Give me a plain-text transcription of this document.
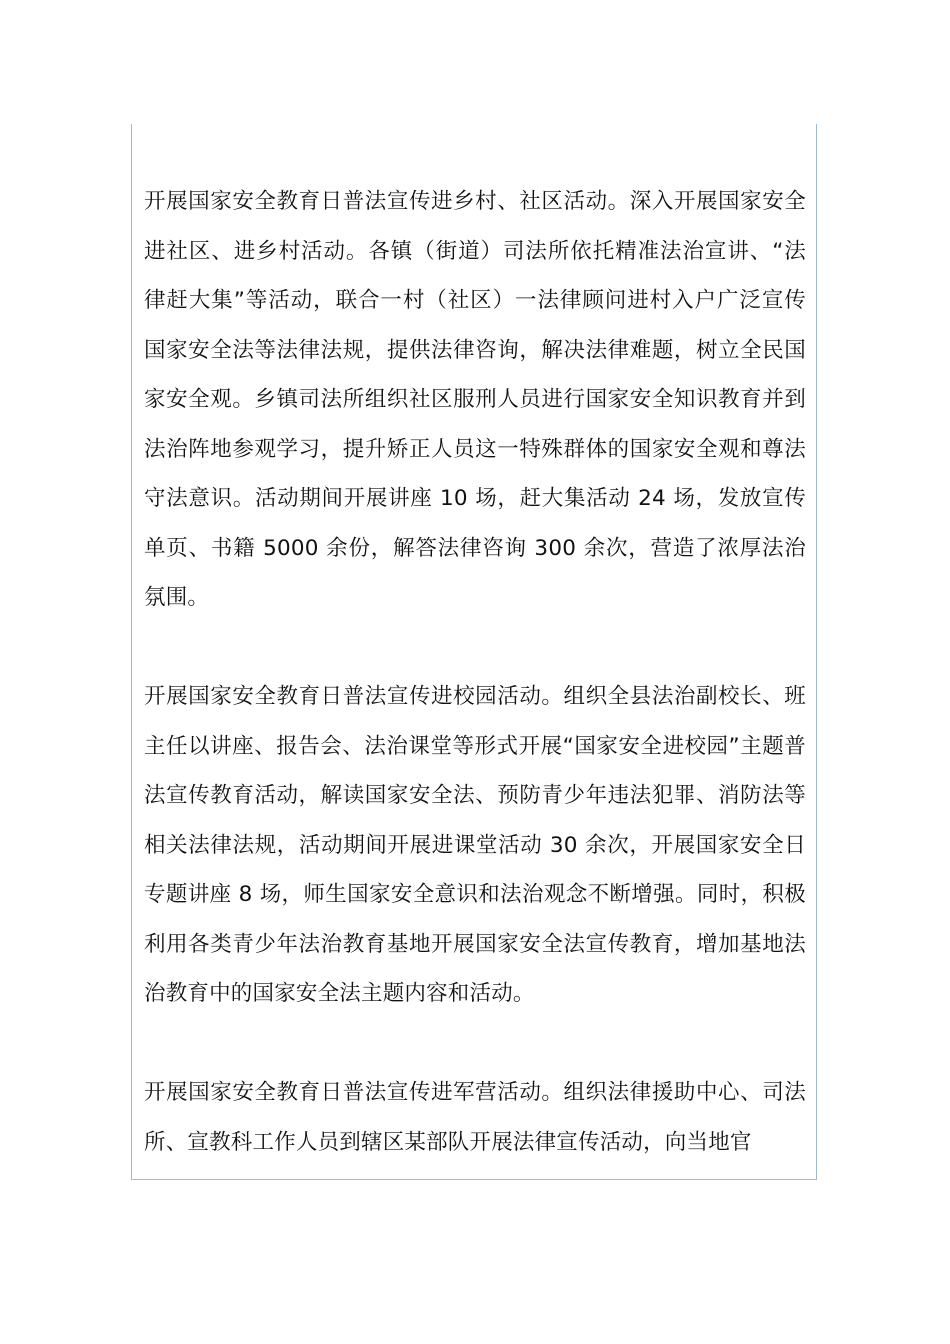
开展国家安全教育日普法宣传进乡村、社区活动。深入开展国家安全进社区、进乡村活动。各镇（街道）司法所依托精准法治宣讲、“法律赶大集”等活动，联合一村（社区）一法律顾问进村入户广泛宣传国家安全法等法律法规，提供法律咨询，解决法律难题，树立全民国家安全观。乡镇司法所组织社区服刑人员进行国家安全知识教育并到法治阵地参观学习，提升矫正人员这一特殊群体的国家安全观和尊法守法意识。活动期间开展讲座 10 场，赶大集活动 24 场，发放宣传单页、书籍 5000 余份，解答法律咨询 300 余次，营造了浓厚法治氛围。

开展国家安全教育日普法宣传进校园活动。组织全县法治副校长、班主任以讲座、报告会、法治课堂等形式开展“国家安全进校园”主题普法宣传教育活动，解读国家安全法、预防青少年违法犯罪、消防法等相关法律法规，活动期间开展进课堂活动 30 余次，开展国家安全日专题讲座 8 场，师生国家安全意识和法治观念不断增强。同时，积极利用各类青少年法治教育基地开展国家安全法宣传教育，增加基地法治教育中的国家安全法主题内容和活动。

开展国家安全教育日普法宣传进军营活动。组织法律援助中心、司法所、宣教科工作人员到辖区某部队开展法律宣传活动，向当地官
